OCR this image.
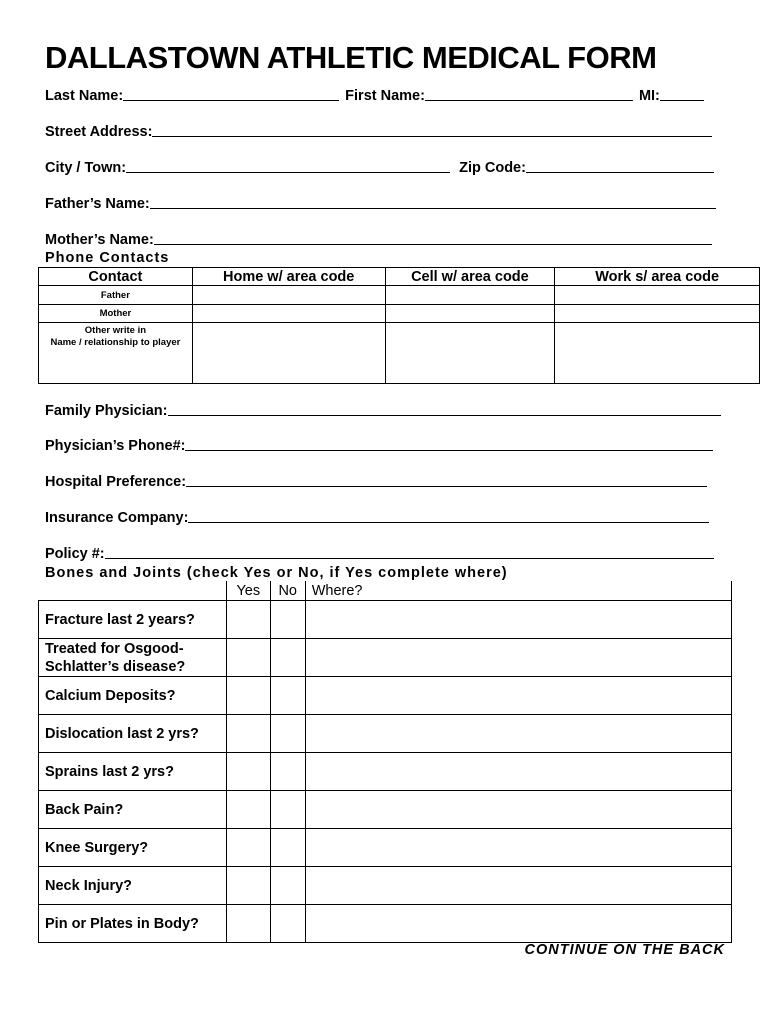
DALLASTOWN ATHLETIC MEDICAL FORM
Last Name:	First Name:	MI:
Street Address:
City / Town:	Zip Code:
Father’s Name:
Mother’s Name:
Phone Contacts
Contact	Home w/ area code	Cell w/ area code	Work s/ area code
Father			
Mother			

Other write in
Name / relationship to player			

Family Physician:
Physician’s Phone#:
Hospital Preference:
Insurance Company:
Policy #:
Bones and Joints (check Yes or No, if Yes complete where)
	Yes	No	Where?
Fracture last 2 years?			

Treated for Osgood-
Schlatter’s disease?			

Calcium Deposits?			
Dislocation last 2 yrs?			
Sprains last 2 yrs?			
Back Pain?			
Knee Surgery?			
Neck Injury?			
Pin or Plates in Body?			
CONTINUE ON THE BACK
